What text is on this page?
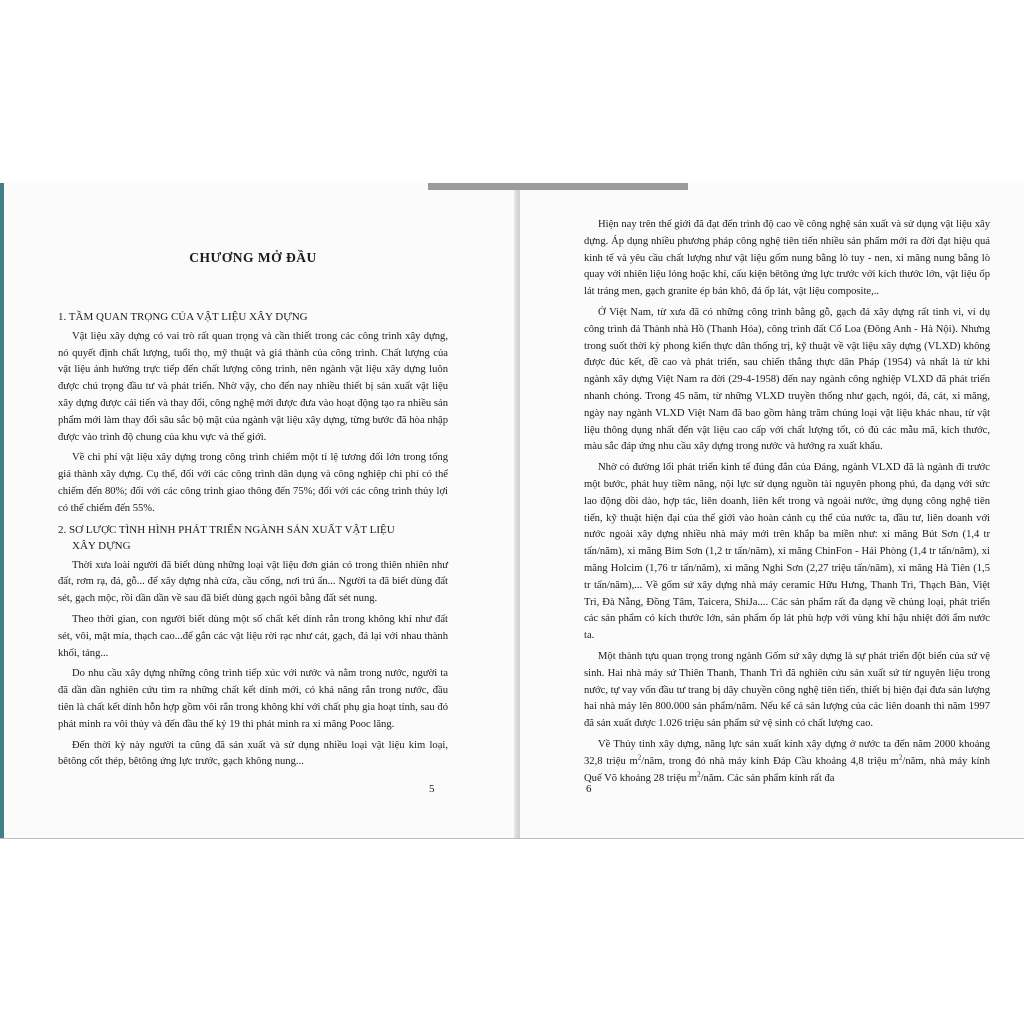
CHƯƠNG MỞ ĐẦU

1. TẦM QUAN TRỌNG CỦA VẬT LIỆU XÂY DỰNG

Vật liệu xây dựng có vai trò rất quan trọng và cần thiết trong các công trình xây dựng, nó quyết định chất lượng, tuổi thọ, mỹ thuật và giá thành của công trình. Chất lượng của vật liệu ảnh hưởng trực tiếp đến chất lượng công trình, nên ngành vật liệu xây dựng luôn được chú trọng đầu tư và phát triển. Nhờ vậy, cho đến nay nhiều thiết bị sản xuất vật liệu xây dựng được cải tiến và thay đổi, công nghệ mới được đưa vào hoạt động tạo ra nhiều sản phẩm mới làm thay đổi sâu sắc bộ mặt của ngành vật liệu xây dựng, từng bước đã hòa nhập được vào trình độ chung của khu vực và thế giới.

Về chi phí vật liệu xây dựng trong công trình chiếm một tỉ lệ tương đối lớn trong tổng giá thành xây dựng. Cụ thể, đối với các công trình dân dụng và công nghiệp chi phí có thể chiếm đến 80%; đối với các công trình giao thông đến 75%; đối với các công trình thủy lợi có thể chiếm đến 55%.

2. SƠ LƯỢC TÌNH HÌNH PHÁT TRIỂN NGÀNH SẢN XUẤT VẬT LIỆU
XÂY DỰNG

Thời xưa loài người đã biết dùng những loại vật liệu đơn giản có trong thiên nhiên như đất, rơm rạ, đá, gỗ... để xây dựng nhà cửa, cầu cống, nơi trú ẩn... Người ta đã biết dùng đất sét, gạch mộc, rồi dần dần về sau đã biết dùng gạch ngói bằng đất sét nung.

Theo thời gian, con người biết dùng một số chất kết dính rắn trong không khí như đất sét, vôi, mật mía, thạch cao...để gắn các vật liệu rời rạc như cát, gạch, đá lại với nhau thành khối, tảng...

Do nhu cầu xây dựng những công trình tiếp xúc với nước và nằm trong nước, người ta đã dần dần nghiên cứu tìm ra những chất kết dính mới, có khả năng rắn trong nước, đầu tiên là chất kết dính hỗn hợp gồm vôi rắn trong không khí với chất phụ gia hoạt tính, sau đó phát minh ra vôi thủy và đến đầu thế kỷ 19 thì phát minh ra xi măng Pooc lăng.

Đến thời kỳ này người ta cũng đã sản xuất và sử dụng nhiều loại vật liệu kim loại, bêtông cốt thép, bêtông ứng lực trước, gạch không nung...

5

Hiện nay trên thế giới đã đạt đến trình độ cao về công nghệ sản xuất và sử dụng vật liệu xây dựng. Áp dụng nhiều phương pháp công nghệ tiên tiến nhiều sản phẩm mới ra đời đạt hiệu quả kinh tế và yêu cầu chất lượng như vật liệu gốm nung bằng lò tuy - nen, xi măng nung bằng lò quay với nhiên liệu lỏng hoặc khí, cấu kiện bêtông ứng lực trước với kích thước lớn, vật liệu ốp lát tráng men, gạch granite ép bán khô, đá ốp lát, vật liệu composite,..

Ở Việt Nam, từ xưa đã có những công trình bằng gỗ, gạch đá xây dựng rất tinh vi, ví dụ công trình đá Thành nhà Hồ (Thanh Hóa), công trình đất Cổ Loa (Đông Anh - Hà Nội). Nhưng trong suốt thời kỳ phong kiến thực dân thống trị, kỹ thuật về vật liệu xây dựng (VLXD) không được đúc kết, đề cao và phát triển, sau chiến thắng thực dân Pháp (1954) và nhất là từ khi ngành xây dựng Việt Nam ra đời (29-4-1958) đến nay ngành công nghiệp VLXD đã phát triển nhanh chóng. Trong 45 năm, từ những VLXD truyền thống như gạch, ngói, đá, cát, xi măng, ngày nay ngành VLXD Việt Nam đã bao gồm hàng trăm chủng loại vật liệu khác nhau, từ vật liệu thông dụng nhất đến vật liệu cao cấp với chất lượng tốt, có đủ các mẫu mã, kích thước, màu sắc đáp ứng nhu cầu xây dựng trong nước và hướng ra xuất khẩu.

Nhờ có đường lối phát triển kinh tế đúng đắn của Đảng, ngành VLXD đã là ngành đi trước một bước, phát huy tiềm năng, nội lực sử dụng nguồn tài nguyên phong phú, đa dạng với sức lao động dồi dào, hợp tác, liên doanh, liên kết trong và ngoài nước, ứng dụng công nghệ tiên tiến, kỹ thuật hiện đại của thế giới vào hoàn cảnh cụ thể của nước ta, đầu tư, liên doanh với nước ngoài xây dựng nhiều nhà máy mới trên khắp ba miền như: xi măng Bút Sơn (1,4 tr tấn/năm), xi măng Bỉm Sơn (1,2 tr tấn/năm), xi măng ChinFon - Hải Phòng (1,4 tr tấn/năm), xi măng Holcim (1,76 tr tấn/năm), xi măng Nghi Sơn (2,27 triệu tấn/năm), xi măng Hà Tiên (1,5 tr tấn/năm),... Về gốm sứ xây dựng nhà máy ceramic Hữu Hưng, Thanh Trì, Thạch Bàn, Việt Trì, Đà Nẵng, Đồng Tâm, Taicera, ShiJa.... Các sản phẩm rất đa dạng về chủng loại, phát triển các sản phẩm có kích thước lớn, sản phẩm ốp lát phù hợp với vùng khí hậu nhiệt đới ẩm nước ta.

Một thành tựu quan trọng trong ngành Gốm sứ xây dựng là sự phát triển đột biến của sứ vệ sinh. Hai nhà máy sứ Thiên Thanh, Thanh Trì đã nghiên cứu sản xuất sứ từ nguyên liệu trong nước, tự vay vốn đầu tư trang bị dây chuyền công nghệ tiên tiến, thiết bị hiện đại đưa sản lượng hai nhà máy lên 800.000 sản phẩm/năm. Nếu kể cả sản lượng của các liên doanh thì năm 1997 đã sản xuất được 1.026 triệu sản phẩm sứ vệ sinh có chất lượng cao.

Về Thủy tinh xây dựng, năng lực sản xuất kính xây dựng ở nước ta đến năm 2000 khoảng 32,8 triệu $m^2$/năm, trong đó nhà máy kính Đáp Cầu khoảng 4,8 triệu $m^2$/năm, nhà máy kính Quế Võ khoảng 28 triệu $m^2$/năm. Các sản phẩm kính rất đa

6
